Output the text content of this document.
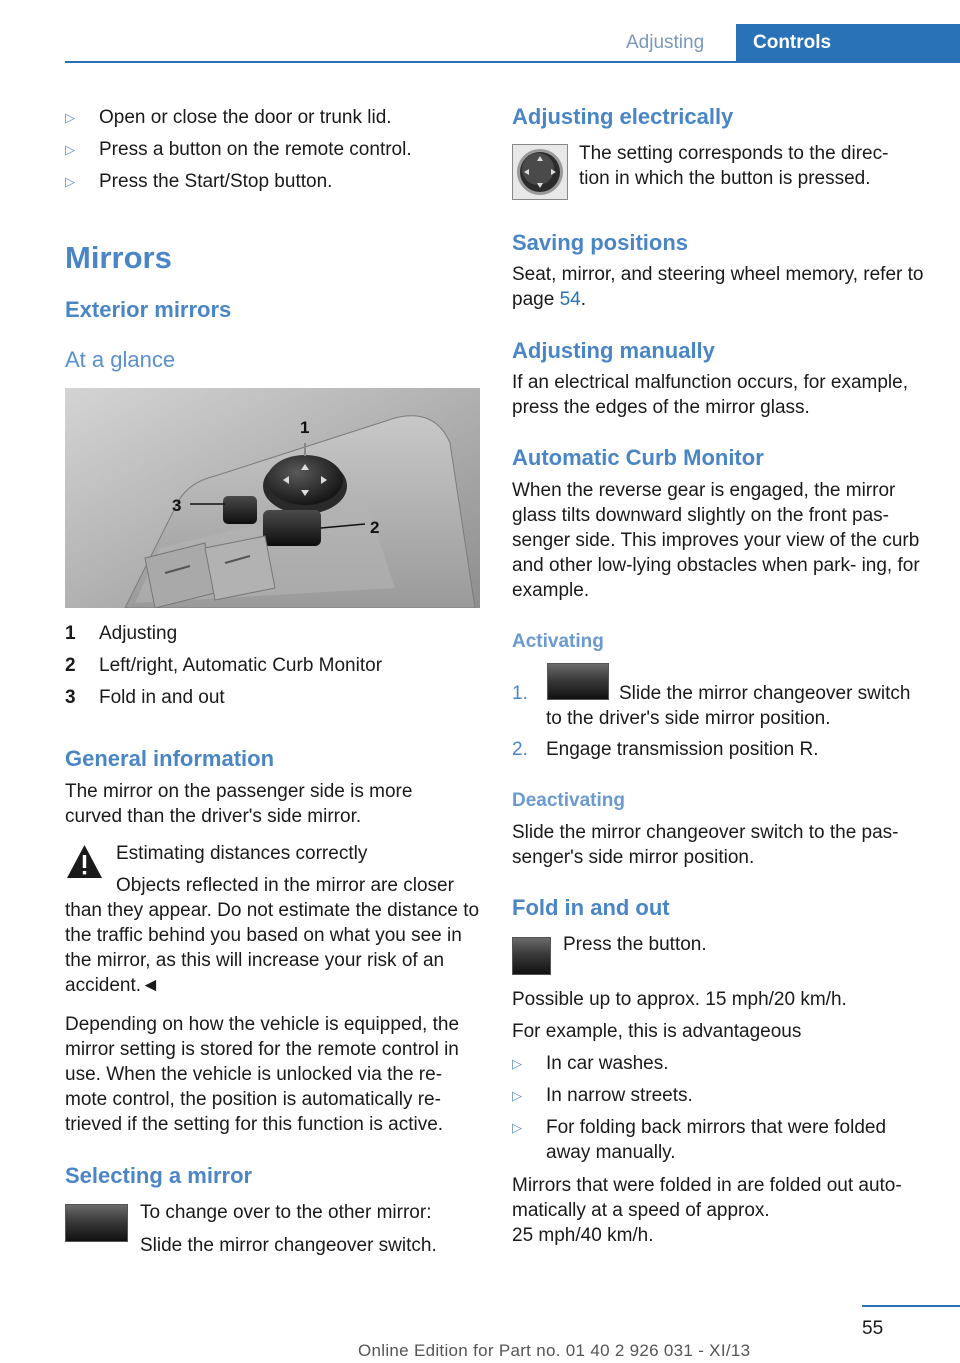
Adjusting	Controls
▷ Open or close the door or trunk lid.
▷ Press a button on the remote control.
▷ Press the Start/Stop button.
Mirrors
Exterior mirrors
At a glance
1
2
3
1 Adjusting
2 Left/right, Automatic Curb Monitor
3 Fold in and out
General information
The mirror on the passenger side is more curved than the driver's side mirror.
Estimating distances correctly
Objects reflected in the mirror are closer
than they appear. Do not estimate the distance to the traffic behind you based on what you see in the mirror, as this will increase your risk of an accident.◄
Depending on how the vehicle is equipped, the mirror setting is stored for the remote control in use. When the vehicle is unlocked via the re‐ mote control, the position is automatically re‐ trieved if the setting for this function is active.
Selecting a mirror
To change over to the other mirror:
Slide the mirror changeover switch.
Adjusting electrically
The setting corresponds to the direc‐ tion in which the button is pressed.
Saving positions
Seat, mirror, and steering wheel memory, refer to page 54.
Adjusting manually
If an electrical malfunction occurs, for example, press the edges of the mirror glass.
Automatic Curb Monitor
When the reverse gear is engaged, the mirror glass tilts downward slightly on the front pas‐ senger side. This improves your view of the curb and other low-lying obstacles when park‐ ing, for example.
Activating
1.	Slide the mirror changeover switch to the driver's side mirror position.
2. Engage transmission position R.
Deactivating
Slide the mirror changeover switch to the pas‐ senger's side mirror position.
Fold in and out
Press the button.
Possible up to approx. 15 mph/20 km/h.
For example, this is advantageous
▷ In car washes.
▷ In narrow streets.
▷ For folding back mirrors that were folded away manually.
Mirrors that were folded in are folded out auto‐ matically at a speed of approx.
25 mph/40 km/h.
55
Online Edition for Part no. 01 40 2 926 031 - XI/13
